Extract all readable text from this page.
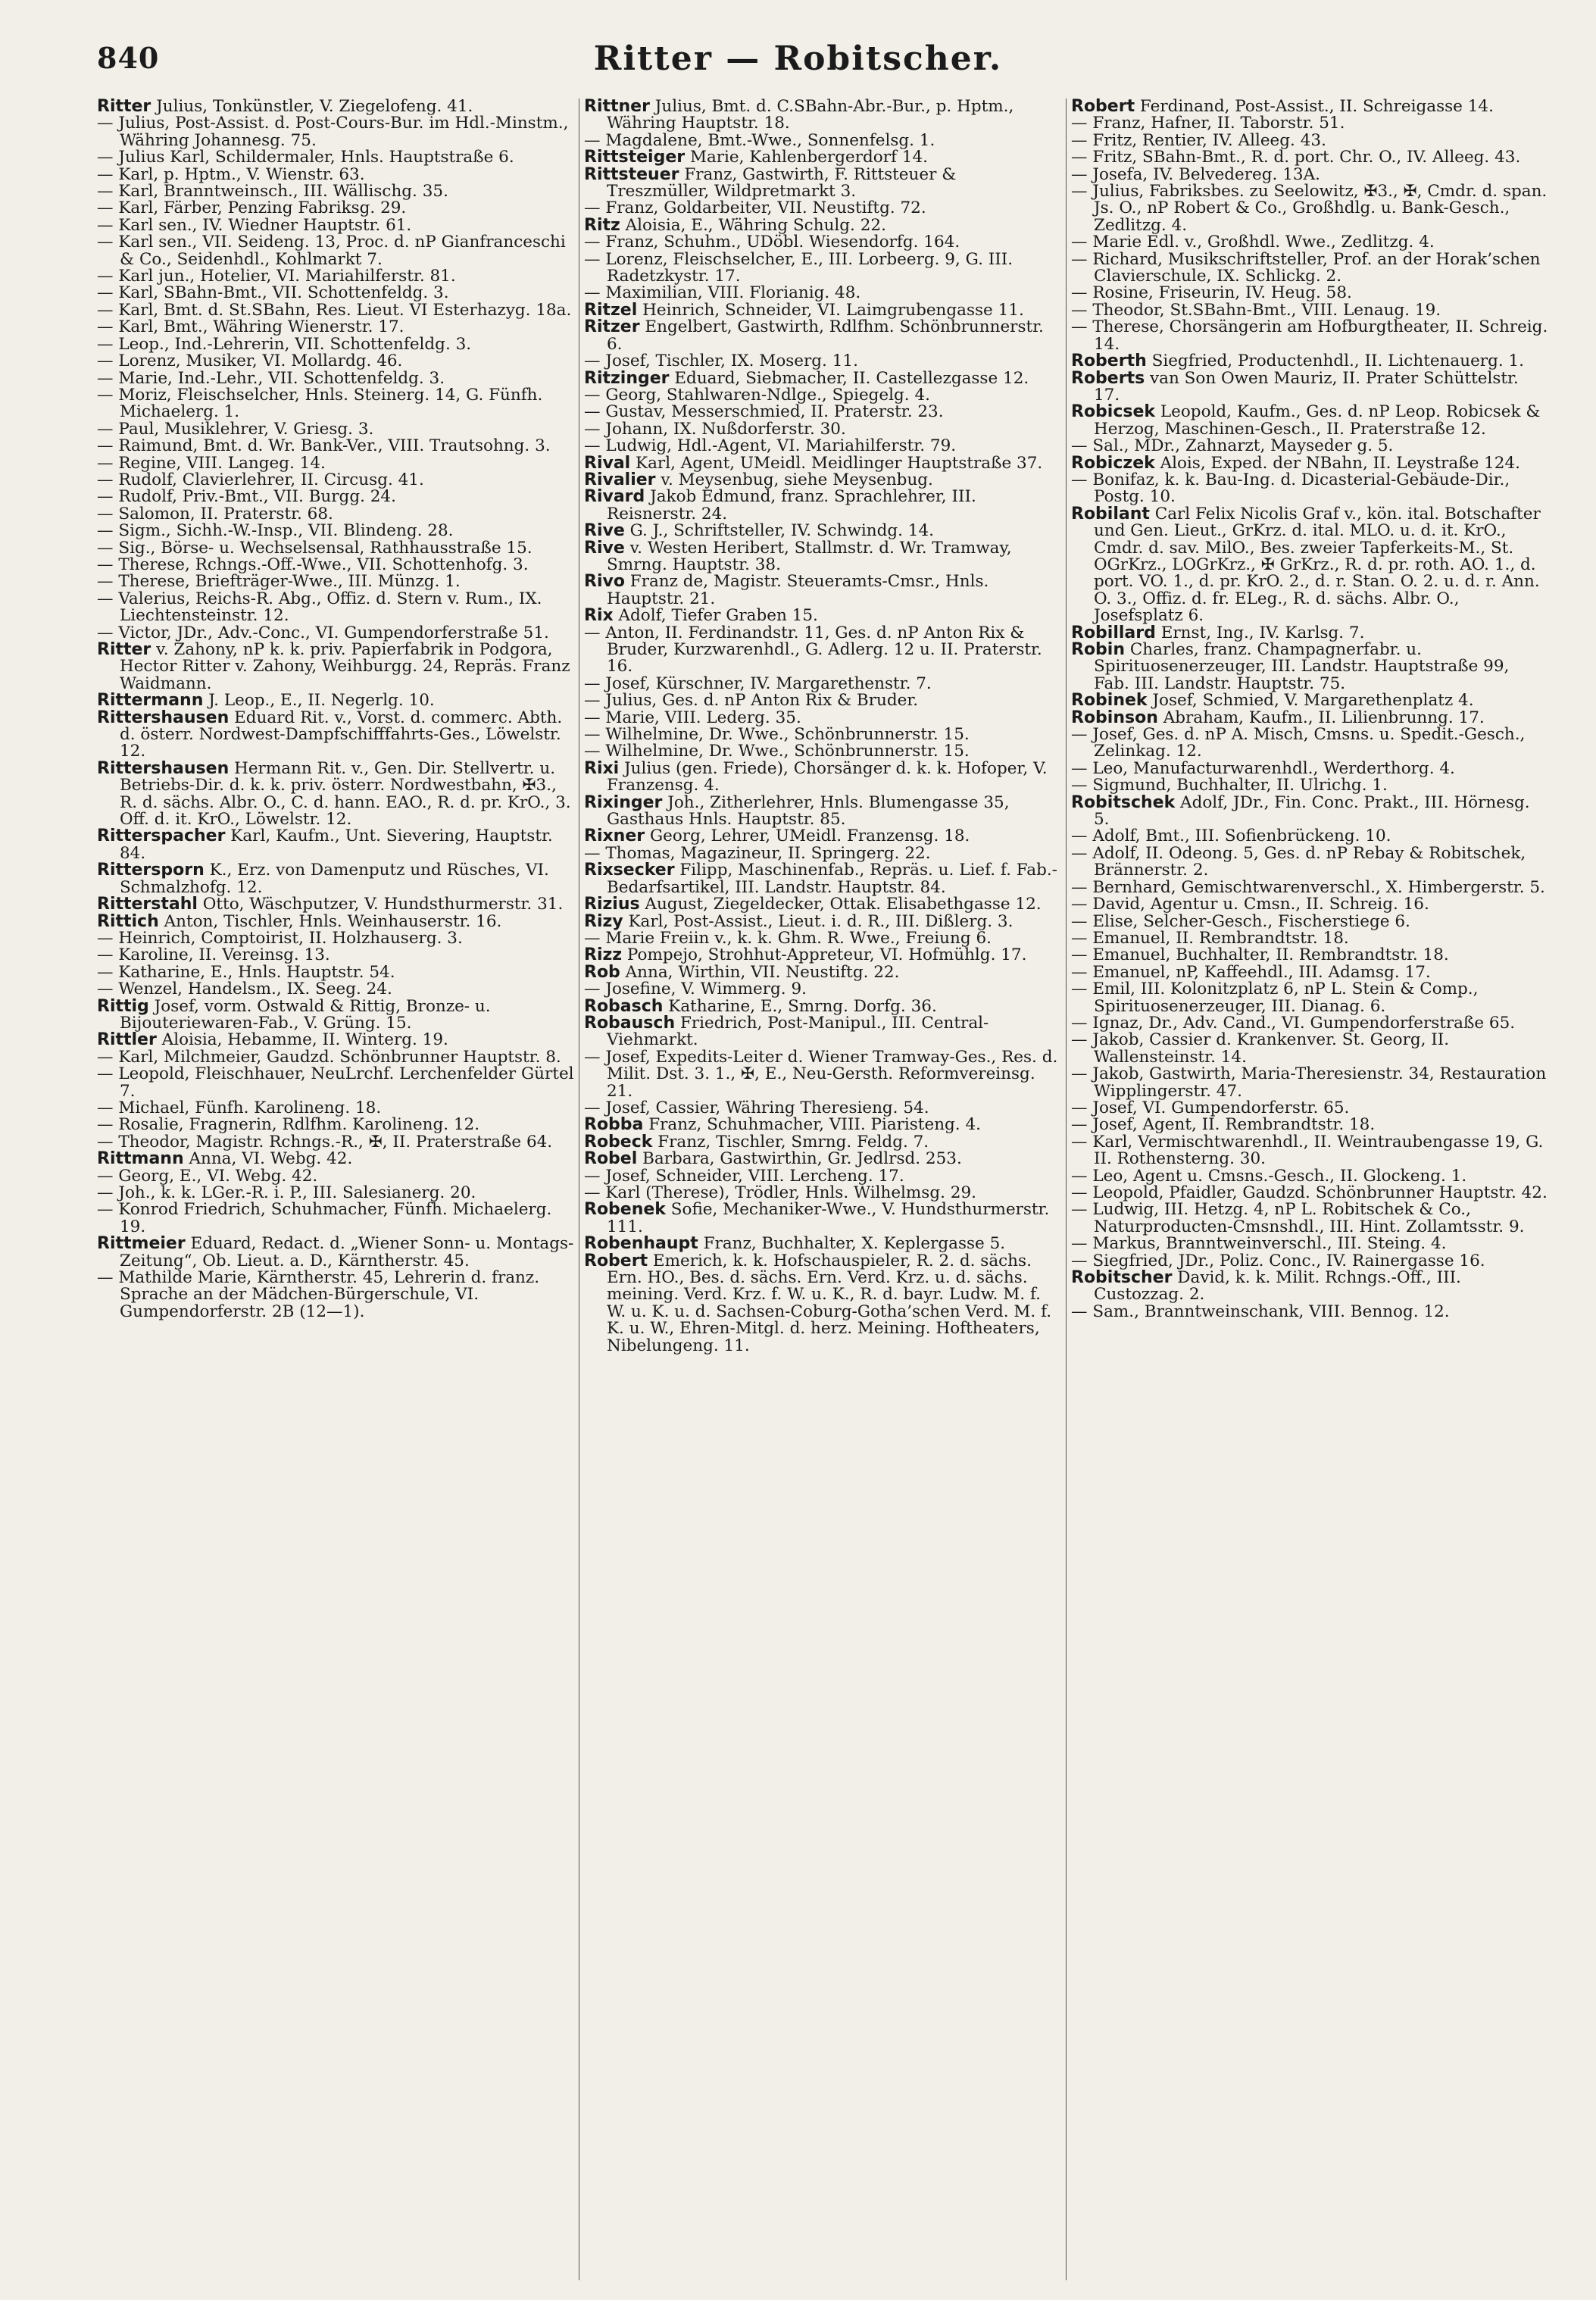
840	Ritter — Robitscher.

Ritter Julius, Tonkünstler, V. Ziegelofeng. 41.

— Julius, Post-Assist. d. Post-Cours-Bur. im Hdl.-Minstm., Währing Johannesg. 75.

— Julius Karl, Schildermaler, Hnls. Hauptstraße 6.

— Karl, p. Hptm., V. Wienstr. 63.

— Karl, Branntweinsch., III. Wällischg. 35.

— Karl, Färber, Penzing Fabriksg. 29.

— Karl sen., IV. Wiedner Hauptstr. 61.

— Karl sen., VII. Seideng. 13, Proc. d. nP Gianfranceschi & Co., Seidenhdl., Kohlmarkt 7.

— Karl jun., Hotelier, VI. Mariahilferstr. 81.

— Karl, SBahn-Bmt., VII. Schottenfeldg. 3.

— Karl, Bmt. d. St.SBahn, Res. Lieut. VI Esterhazyg. 18a.

— Karl, Bmt., Währing Wienerstr. 17.

— Leop., Ind.-Lehrerin, VII. Schottenfeldg. 3.

— Lorenz, Musiker, VI. Mollardg. 46.

— Marie, Ind.-Lehr., VII. Schottenfeldg. 3.

— Moriz, Fleischselcher, Hnls. Steinerg. 14, G. Fünfh. Michaelerg. 1.

— Paul, Musiklehrer, V. Griesg. 3.

— Raimund, Bmt. d. Wr. Bank-Ver., VIII. Trautsohng. 3.

— Regine, VIII. Langeg. 14.

— Rudolf, Clavierlehrer, II. Circusg. 41.

— Rudolf, Priv.-Bmt., VII. Burgg. 24.

— Salomon, II. Praterstr. 68.

— Sigm., Sichh.-W.-Insp., VII. Blindeng. 28.

— Sig., Börse- u. Wechselsensal, Rathhausstraße 15.

— Therese, Rchngs.-Off.-Wwe., VII. Schottenhofg. 3.

— Therese, Briefträger-Wwe., III. Münzg. 1.

— Valerius, Reichs-R. Abg., Offiz. d. Stern v. Rum., IX. Liechtensteinstr. 12.

— Victor, JDr., Adv.-Conc., VI. Gumpendorferstraße 51.

Ritter v. Zahony, nP k. k. priv. Papierfabrik in Podgora, Hector Ritter v. Zahony, Weihburgg. 24, Repräs. Franz Waidmann.

Rittermann J. Leop., E., II. Negerlg. 10.

Rittershausen Eduard Rit. v., Vorst. d. commerc. Abth. d. österr. Nordwest-Dampfschifffahrts-Ges., Löwelstr. 12.

Rittershausen Hermann Rit. v., Gen. Dir. Stellvertr. u. Betriebs-Dir. d. k. k. priv. österr. Nordwestbahn, ✠3., R. d. sächs. Albr. O., C. d. hann. EAO., R. d. pr. KrO., 3. Off. d. it. KrO., Löwelstr. 12.

Ritterspacher Karl, Kaufm., Unt. Sievering, Hauptstr. 84.

Rittersporn K., Erz. von Damenputz und Rüsches, VI. Schmalzhofg. 12.

Ritterstahl Otto, Wäschputzer, V. Hundsthurmerstr. 31.

Rittich Anton, Tischler, Hnls. Weinhauserstr. 16.

— Heinrich, Comptoirist, II. Holzhauserg. 3.

— Karoline, II. Vereinsg. 13.

— Katharine, E., Hnls. Hauptstr. 54.

— Wenzel, Handelsm., IX. Seeg. 24.

Rittig Josef, vorm. Ostwald & Rittig, Bronze- u. Bijouteriewaren-Fab., V. Grüng. 15.

Rittler Aloisia, Hebamme, II. Winterg. 19.

— Karl, Milchmeier, Gaudzd. Schönbrunner Hauptstr. 8.

— Leopold, Fleischhauer, NeuLrchf. Lerchenfelder Gürtel 7.

— Michael, Fünfh. Karolineng. 18.

— Rosalie, Fragnerin, Rdlfhm. Karolineng. 12.

— Theodor, Magistr. Rchngs.-R., ✠, II. Praterstraße 64.

Rittmann Anna, VI. Webg. 42.

— Georg, E., VI. Webg. 42.

— Joh., k. k. LGer.-R. i. P., III. Salesianerg. 20.

— Konrod Friedrich, Schuhmacher, Fünfh. Michaelerg. 19.

Rittmeier Eduard, Redact. d. „Wiener Sonn- u. Montags-Zeitung“, Ob. Lieut. a. D., Kärntherstr. 45.

— Mathilde Marie, Kärntherstr. 45, Lehrerin d. franz. Sprache an der Mädchen-Bürgerschule, VI. Gumpendorferstr. 2B (12—1).

Rittner Julius, Bmt. d. C.SBahn-Abr.-Bur., p. Hptm., Währing Hauptstr. 18.

— Magdalene, Bmt.-Wwe., Sonnenfelsg. 1.

Rittsteiger Marie, Kahlenbergerdorf 14.

Rittsteuer Franz, Gastwirth, F. Rittsteuer & Treszmüller, Wildpretmarkt 3.

— Franz, Goldarbeiter, VII. Neustiftg. 72.

Ritz Aloisia, E., Währing Schulg. 22.

— Franz, Schuhm., UDöbl. Wiesendorfg. 164.

— Lorenz, Fleischselcher, E., III. Lorbeerg. 9, G. III. Radetzkystr. 17.

— Maximilian, VIII. Florianig. 48.

Ritzel Heinrich, Schneider, VI. Laimgrubengasse 11.

Ritzer Engelbert, Gastwirth, Rdlfhm. Schönbrunnerstr. 6.

— Josef, Tischler, IX. Moserg. 11.

Ritzinger Eduard, Siebmacher, II. Castellezgasse 12.

— Georg, Stahlwaren-Ndlge., Spiegelg. 4.

— Gustav, Messerschmied, II. Praterstr. 23.

— Johann, IX. Nußdorferstr. 30.

— Ludwig, Hdl.-Agent, VI. Mariahilferstr. 79.

Rival Karl, Agent, UMeidl. Meidlinger Hauptstraße 37.

Rivalier v. Meysenbug, siehe Meysenbug.

Rivard Jakob Edmund, franz. Sprachlehrer, III. Reisnerstr. 24.

Rive G. J., Schriftsteller, IV. Schwindg. 14.

Rive v. Westen Heribert, Stallmstr. d. Wr. Tramway, Smrng. Hauptstr. 38.

Rivo Franz de, Magistr. Steueramts-Cmsr., Hnls. Hauptstr. 21.

Rix Adolf, Tiefer Graben 15.

— Anton, II. Ferdinandstr. 11, Ges. d. nP Anton Rix & Bruder, Kurzwarenhdl., G. Adlerg. 12 u. II. Praterstr. 16.

— Josef, Kürschner, IV. Margarethenstr. 7.

— Julius, Ges. d. nP Anton Rix & Bruder.

— Marie, VIII. Lederg. 35.

— Wilhelmine, Dr. Wwe., Schönbrunnerstr. 15.

— Wilhelmine, Dr. Wwe., Schönbrunnerstr. 15.

Rixi Julius (gen. Friede), Chorsänger d. k. k. Hofoper, V. Franzensg. 4.

Rixinger Joh., Zitherlehrer, Hnls. Blumengasse 35, Gasthaus Hnls. Hauptstr. 85.

Rixner Georg, Lehrer, UMeidl. Franzensg. 18.

— Thomas, Magazineur, II. Springerg. 22.

Rixsecker Filipp, Maschinenfab., Repräs. u. Lief. f. Fab.-Bedarfsartikel, III. Landstr. Hauptstr. 84.

Rizius August, Ziegeldecker, Ottak. Elisabethgasse 12.

Rizy Karl, Post-Assist., Lieut. i. d. R., III. Dißlerg. 3.

— Marie Freiin v., k. k. Ghm. R. Wwe., Freiung 6.

Rizz Pompejo, Strohhut-Appreteur, VI. Hofmühlg. 17.

Rob Anna, Wirthin, VII. Neustiftg. 22.

— Josefine, V. Wimmerg. 9.

Robasch Katharine, E., Smrng. Dorfg. 36.

Robausch Friedrich, Post-Manipul., III. Central-Viehmarkt.

— Josef, Expedits-Leiter d. Wiener Tramway-Ges., Res. d. Milit. Dst. 3. 1., ✠, E., Neu-Gersth. Reformvereinsg. 21.

— Josef, Cassier, Währing Theresieng. 54.

Robba Franz, Schuhmacher, VIII. Piaristeng. 4.

Robeck Franz, Tischler, Smrng. Feldg. 7.

Robel Barbara, Gastwirthin, Gr. Jedlrsd. 253.

— Josef, Schneider, VIII. Lercheng. 17.

— Karl (Therese), Trödler, Hnls. Wilhelmsg. 29.

Robenek Sofie, Mechaniker-Wwe., V. Hundsthurmerstr. 111.

Robenhaupt Franz, Buchhalter, X. Keplergasse 5.

Robert Emerich, k. k. Hofschauspieler, R. 2. d. sächs. Ern. HO., Bes. d. sächs. Ern. Verd. Krz. u. d. sächs. meining. Verd. Krz. f. W. u. K., R. d. bayr. Ludw. M. f. W. u. K. u. d. Sachsen-Coburg-Gotha’schen Verd. M. f. K. u. W., Ehren-Mitgl. d. herz. Meining. Hoftheaters, Nibelungeng. 11.

Robert Ferdinand, Post-Assist., II. Schreigasse 14.

— Franz, Hafner, II. Taborstr. 51.

— Fritz, Rentier, IV. Alleeg. 43.

— Fritz, SBahn-Bmt., R. d. port. Chr. O., IV. Alleeg. 43.

— Josefa, IV. Belvedereg. 13A.

— Julius, Fabriksbes. zu Seelowitz, ✠3., ✠, Cmdr. d. span. Js. O., nP Robert & Co., Großhdlg. u. Bank-Gesch., Zedlitzg. 4.

— Marie Edl. v., Großhdl. Wwe., Zedlitzg. 4.

— Richard, Musikschriftsteller, Prof. an der Horak’schen Clavierschule, IX. Schlickg. 2.

— Rosine, Friseurin, IV. Heug. 58.

— Theodor, St.SBahn-Bmt., VIII. Lenaug. 19.

— Therese, Chorsängerin am Hofburgtheater, II. Schreig. 14.

Roberth Siegfried, Productenhdl., II. Lichtenauerg. 1.

Roberts van Son Owen Mauriz, II. Prater Schüttelstr. 17.

Robicsek Leopold, Kaufm., Ges. d. nP Leop. Robicsek & Herzog, Maschinen-Gesch., II. Praterstraße 12.

— Sal., MDr., Zahnarzt, Mayseder g. 5.

Robiczek Alois, Exped. der NBahn, II. Leystraße 124.

— Bonifaz, k. k. Bau-Ing. d. Dicasterial-Gebäude-Dir., Postg. 10.

Robilant Carl Felix Nicolis Graf v., kön. ital. Botschafter und Gen. Lieut., GrKrz. d. ital. MLO. u. d. it. KrO., Cmdr. d. sav. MilO., Bes. zweier Tapferkeits-M., St. OGrKrz., LOGrKrz., ✠ GrKrz., R. d. pr. roth. AO. 1., d. port. VO. 1., d. pr. KrO. 2., d. r. Stan. O. 2. u. d. r. Ann. O. 3., Offiz. d. fr. ELeg., R. d. sächs. Albr. O., Josefsplatz 6.

Robillard Ernst, Ing., IV. Karlsg. 7.

Robin Charles, franz. Champagnerfabr. u. Spirituosenerzeuger, III. Landstr. Hauptstraße 99, Fab. III. Landstr. Hauptstr. 75.

Robinek Josef, Schmied, V. Margarethenplatz 4.

Robinson Abraham, Kaufm., II. Lilienbrunng. 17.

— Josef, Ges. d. nP A. Misch, Cmsns. u. Spedit.-Gesch., Zelinkag. 12.

— Leo, Manufacturwarenhdl., Werderthorg. 4.

— Sigmund, Buchhalter, II. Ulrichg. 1.

Robitschek Adolf, JDr., Fin. Conc. Prakt., III. Hörnesg. 5.

— Adolf, Bmt., III. Sofienbrückeng. 10.

— Adolf, II. Odeong. 5, Ges. d. nP Rebay & Robitschek, Brännerstr. 2.

— Bernhard, Gemischtwarenverschl., X. Himbergerstr. 5.

— David, Agentur u. Cmsn., II. Schreig. 16.

— Elise, Selcher-Gesch., Fischerstiege 6.

— Emanuel, II. Rembrandtstr. 18.

— Emanuel, Buchhalter, II. Rembrandtstr. 18.

— Emanuel, nP, Kaffeehdl., III. Adamsg. 17.

— Emil, III. Kolonitzplatz 6, nP L. Stein & Comp., Spirituosenerzeuger, III. Dianag. 6.

— Ignaz, Dr., Adv. Cand., VI. Gumpendorferstraße 65.

— Jakob, Cassier d. Krankenver. St. Georg, II. Wallensteinstr. 14.

— Jakob, Gastwirth, Maria-Theresienstr. 34, Restauration Wipplingerstr. 47.

— Josef, VI. Gumpendorferstr. 65.

— Josef, Agent, II. Rembrandtstr. 18.

— Karl, Vermischtwarenhdl., II. Weintraubengasse 19, G. II. Rothensterng. 30.

— Leo, Agent u. Cmsns.-Gesch., II. Glockeng. 1.

— Leopold, Pfaidler, Gaudzd. Schönbrunner Hauptstr. 42.

— Ludwig, III. Hetzg. 4, nP L. Robitschek & Co., Naturproducten-Cmsnshdl., III. Hint. Zollamtsstr. 9.

— Markus, Branntweinverschl., III. Steing. 4.

— Siegfried, JDr., Poliz. Conc., IV. Rainergasse 16.

Robitscher David, k. k. Milit. Rchngs.-Off., III. Custozzag. 2.

— Sam., Branntweinschank, VIII. Bennog. 12.
